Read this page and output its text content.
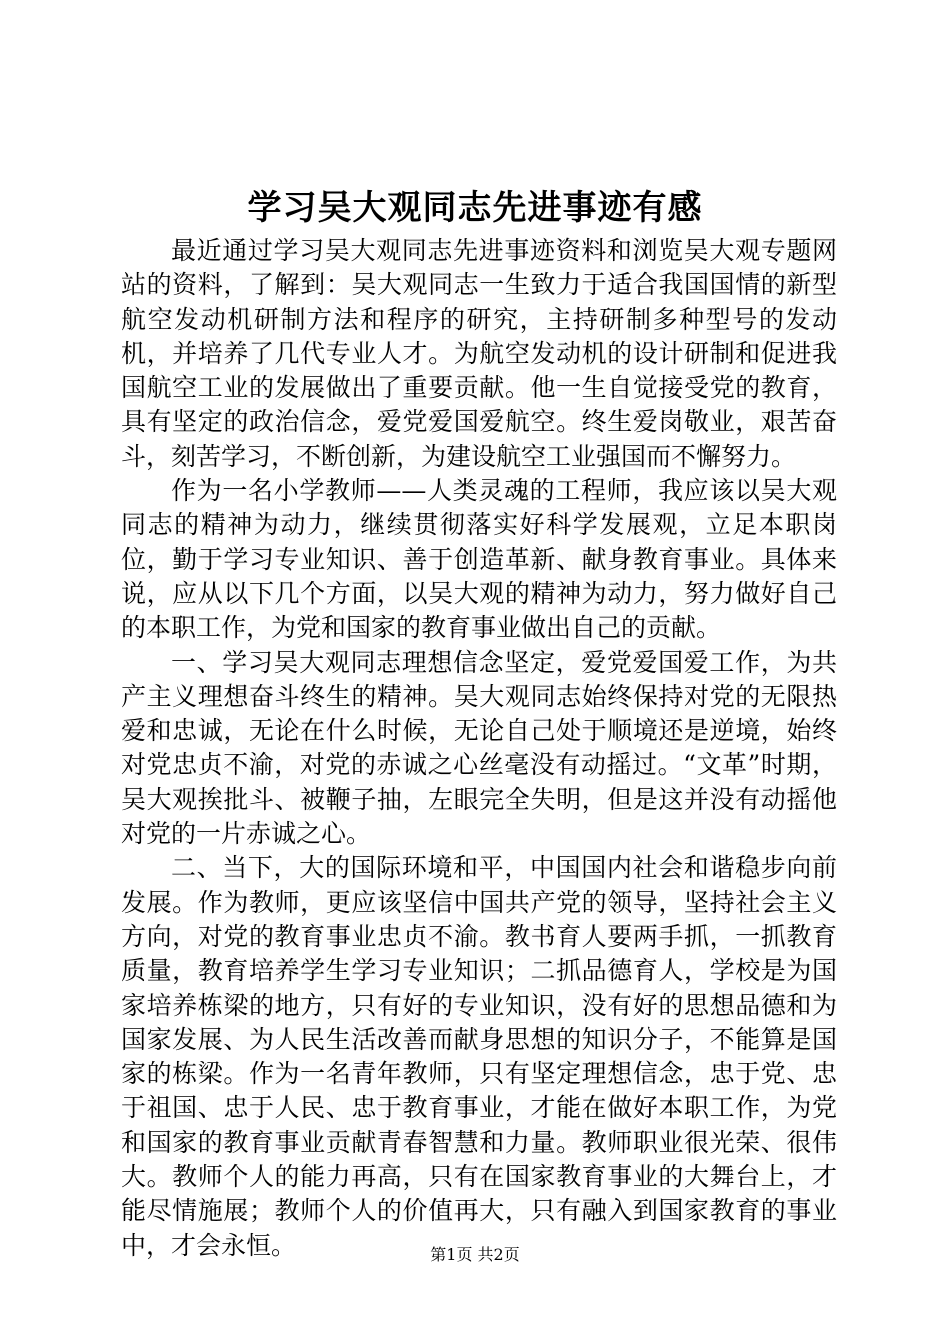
学习吴大观同志先进事迹有感

最近通过学习吴大观同志先进事迹资料和浏览吴大观专题网站的资料，了解到：吴大观同志一生致力于适合我国国情的新型航空发动机研制方法和程序的研究，主持研制多种型号的发动机，并培养了几代专业人才。为航空发动机的设计研制和促进我国航空工业的发展做出了重要贡献。他一生自觉接受党的教育，具有坚定的政治信念，爱党爱国爱航空。终生爱岗敬业，艰苦奋斗，刻苦学习，不断创新，为建设航空工业强国而不懈努力。

作为一名小学教师——人类灵魂的工程师，我应该以吴大观同志的精神为动力，继续贯彻落实好科学发展观，立足本职岗位，勤于学习专业知识、善于创造革新、献身教育事业。具体来说，应从以下几个方面，以吴大观的精神为动力，努力做好自己的本职工作，为党和国家的教育事业做出自己的贡献。

一、学习吴大观同志理想信念坚定，爱党爱国爱工作，为共产主义理想奋斗终生的精神。吴大观同志始终保持对党的无限热爱和忠诚，无论在什么时候，无论自己处于顺境还是逆境，始终对党忠贞不渝，对党的赤诚之心丝毫没有动摇过。“文革”时期，吴大观挨批斗、被鞭子抽，左眼完全失明，但是这并没有动摇他对党的一片赤诚之心。

二、当下，大的国际环境和平，中国国内社会和谐稳步向前发展。作为教师，更应该坚信中国共产党的领导，坚持社会主义方向，对党的教育事业忠贞不渝。教书育人要两手抓，一抓教育质量，教育培养学生学习专业知识；二抓品德育人，学校是为国家培养栋梁的地方，只有好的专业知识，没有好的思想品德和为国家发展、为人民生活改善而献身思想的知识分子，不能算是国家的栋梁。作为一名青年教师，只有坚定理想信念，忠于党、忠于祖国、忠于人民、忠于教育事业，才能在做好本职工作，为党和国家的教育事业贡献青春智慧和力量。教师职业很光荣、很伟大。教师个人的能力再高，只有在国家教育事业的大舞台上，才能尽情施展；教师个人的价值再大，只有融入到国家教育的事业中，才会永恒。	第1页 共2页
